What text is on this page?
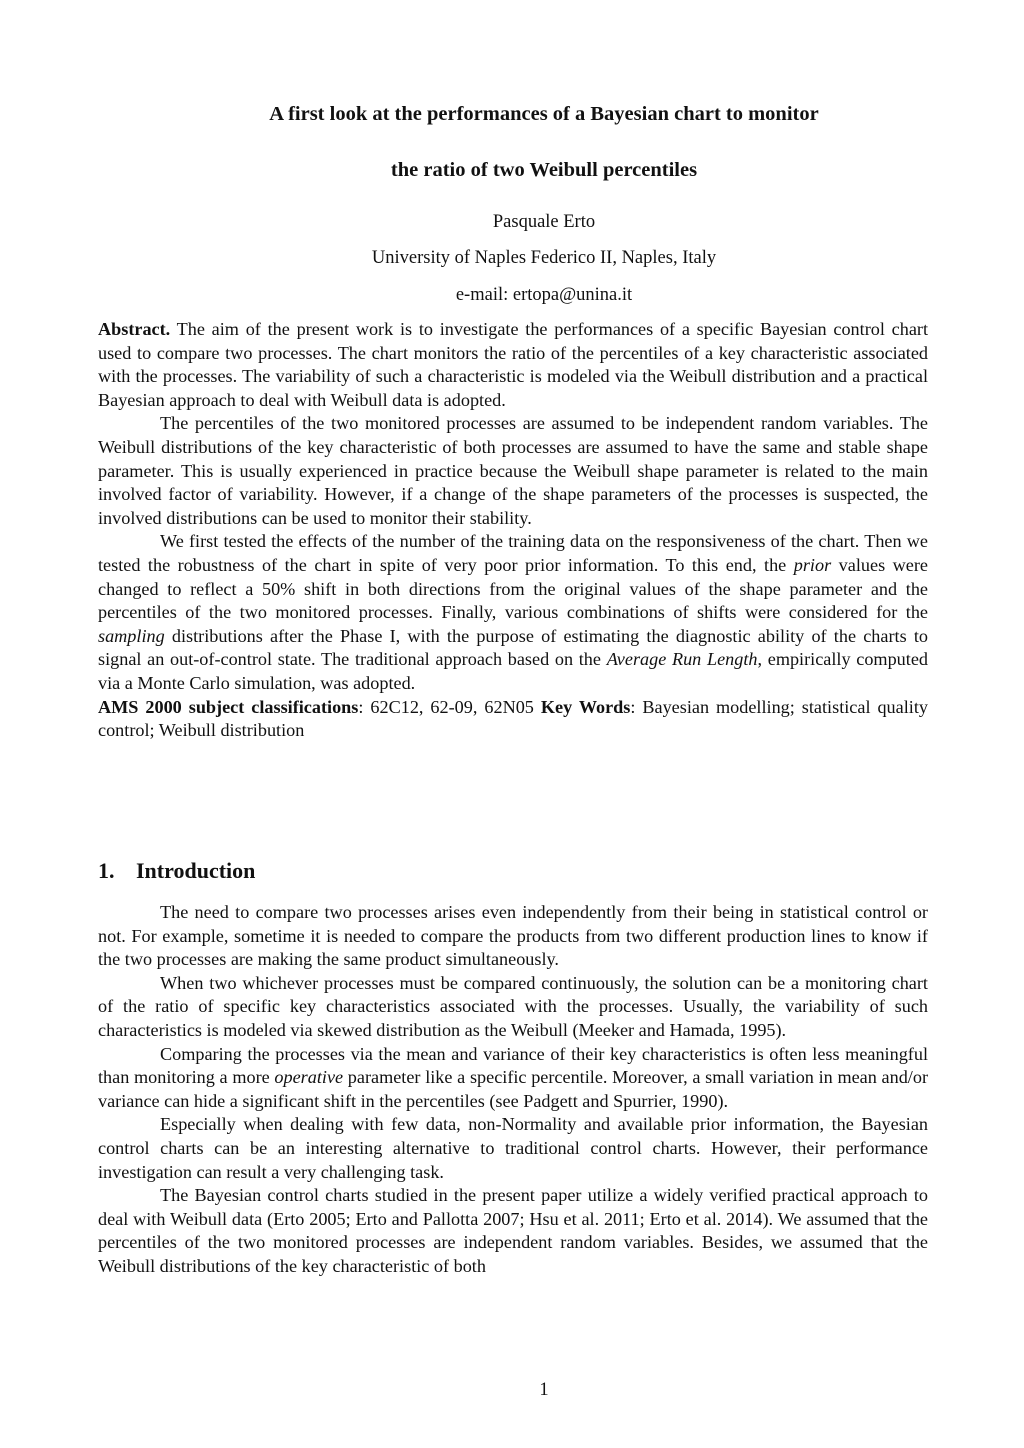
A first look at the performances of a Bayesian chart to monitor
the ratio of two Weibull percentiles
Pasquale Erto
University of Naples Federico II, Naples, Italy
e-mail: ertopa@unina.it

Abstract. The aim of the present work is to investigate the performances of a specific Bayesian control chart used to compare two processes. The chart monitors the ratio of the percentiles of a key characteristic associated with the processes. The variability of such a characteristic is modeled via the Weibull distribution and a practical Bayesian approach to deal with Weibull data is adopted.

The percentiles of the two monitored processes are assumed to be independent random variables. The Weibull distributions of the key characteristic of both processes are assumed to have the same and stable shape parameter. This is usually experienced in practice because the Weibull shape parameter is related to the main involved factor of variability. However, if a change of the shape parameters of the processes is suspected, the involved distributions can be used to monitor their stability.

We first tested the effects of the number of the training data on the responsiveness of the chart. Then we tested the robustness of the chart in spite of very poor prior information. To this end, the prior values were changed to reflect a 50% shift in both directions from the original values of the shape parameter and the percentiles of the two monitored processes. Finally, various combinations of shifts were considered for the sampling distributions after the Phase I, with the purpose of estimating the diagnostic ability of the charts to signal an out-of-control state. The traditional approach based on the Average Run Length, empirically computed via a Monte Carlo simulation, was adopted.

AMS 2000 subject classifications: 62C12, 62-09, 62N05 Key Words: Bayesian modelling; statistical quality control; Weibull distribution

1. Introduction

The need to compare two processes arises even independently from their being in statistical control or not. For example, sometime it is needed to compare the products from two different production lines to know if the two processes are making the same product simultaneously.

When two whichever processes must be compared continuously, the solution can be a monitoring chart of the ratio of specific key characteristics associated with the processes. Usually, the variability of such characteristics is modeled via skewed distribution as the Weibull (Meeker and Hamada, 1995).

Comparing the processes via the mean and variance of their key characteristics is often less meaningful than monitoring a more operative parameter like a specific percentile. Moreover, a small variation in mean and/or variance can hide a significant shift in the percentiles (see Padgett and Spurrier, 1990).

Especially when dealing with few data, non-Normality and available prior information, the Bayesian control charts can be an interesting alternative to traditional control charts. However, their performance investigation can result a very challenging task.

The Bayesian control charts studied in the present paper utilize a widely verified practical approach to deal with Weibull data (Erto 2005; Erto and Pallotta 2007; Hsu et al. 2011; Erto et al. 2014). We assumed that the percentiles of the two monitored processes are independent random variables. Besides, we assumed that the Weibull distributions of the key characteristic of both

1
